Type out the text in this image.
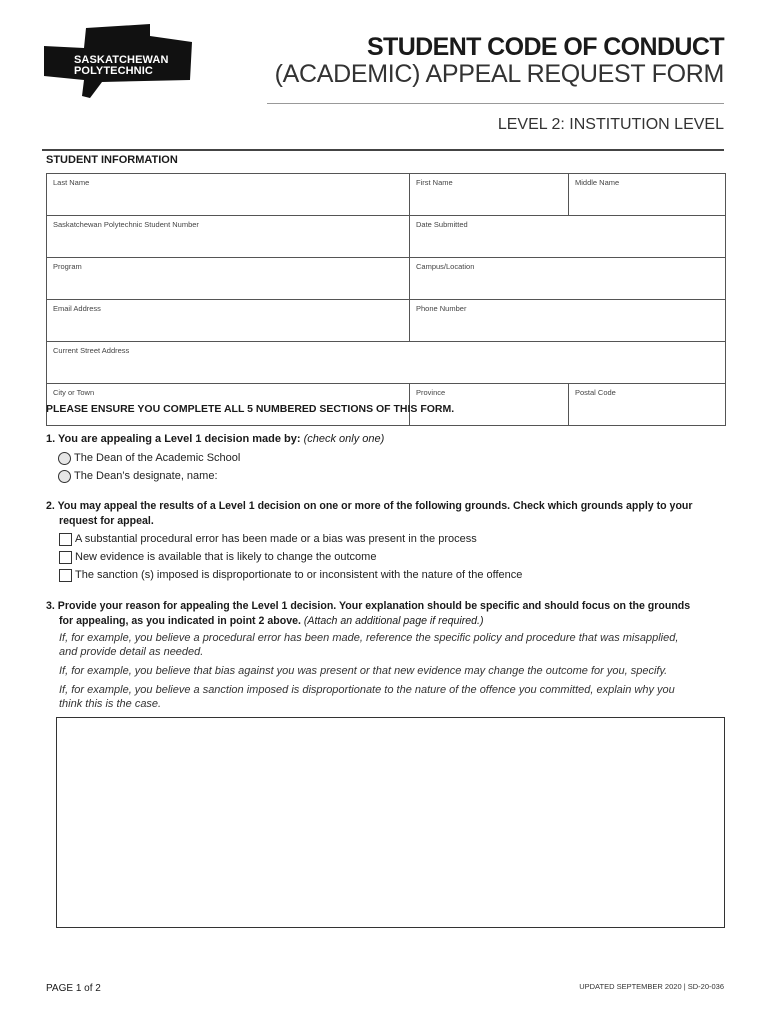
SASKATCHEWAN
POLYTECHNIC
STUDENT CODE OF CONDUCT
(ACADEMIC) APPEAL REQUEST FORM
LEVEL 2: INSTITUTION LEVEL
STUDENT INFORMATION
Last Name	First Name	Middle Name
Saskatchewan Polytechnic Student Number	Date Submitted	
Program	Campus/Location	
Email Address	Phone Number	
Current Street Address		
City or Town	Province	Postal Code
PLEASE ENSURE YOU COMPLETE ALL 5 NUMBERED SECTIONS OF THIS FORM.
1. You are appealing a Level 1 decision made by: (check only one)
The Dean of the Academic School
The Dean’s designate, name:
2. You may appeal the results of a Level 1 decision on one or more of the following grounds. Check which grounds apply to your
request for appeal.
A substantial procedural error has been made or a bias was present in the process
New evidence is available that is likely to change the outcome
The sanction (s) imposed is disproportionate to or inconsistent with the nature of the offence
3. Provide your reason for appealing the Level 1 decision. Your explanation should be specific and should focus on the grounds
for appealing, as you indicated in point 2 above. (Attach an additional page if required.)
If, for example, you believe a procedural error has been made, reference the specific policy and procedure that was misapplied,
and provide detail as needed.
If, for example, you believe that bias against you was present or that new evidence may change the outcome for you, specify.
If, for example, you believe a sanction imposed is disproportionate to the nature of the offence you committed, explain why you
think this is the case.
PAGE 1 of 2	UPDATED SEPTEMBER 2020 | SD-20-036
